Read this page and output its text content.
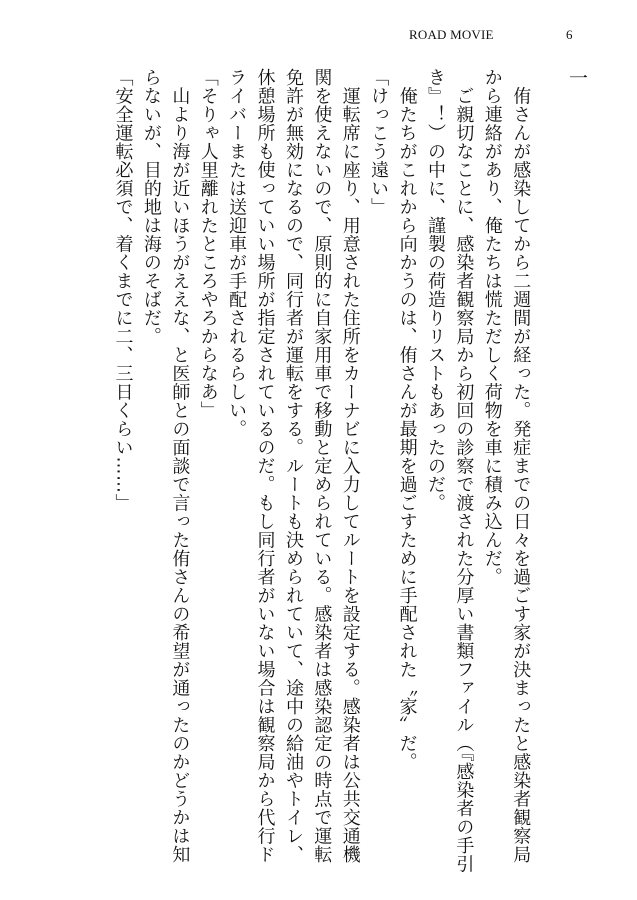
ROAD MOVIE	6

一

　侑さんが感染してから二週間が経った。発症までの日々を過ごす家が決まったと感染者観察局から連絡があり、俺たちは慌ただしく荷物を車に積み込んだ。

　ご親切なことに、感染者観察局から初回の診察で渡された分厚い書類ファイル（『感染者の手引き』！）の中に、謹製の荷造りリストもあったのだ。

　俺たちがこれから向かうのは、侑さんが最期を過ごすために手配された〝家〟だ。

「けっこう遠い」

　運転席に座り、用意された住所をカーナビに入力してルートを設定する。感染者は公共交通機関を使えないので、原則的に自家用車で移動と定められている。感染者は感染認定の時点で運転免許が無効になるので、同行者が運転をする。ルートも決められていて、途中の給油やトイレ、休憩場所も使っていい場所が指定されているのだ。もし同行者がいない場合は観察局から代行ドライバーまたは送迎車が手配されるらしい。

「そりゃ人里離れたところやろからなあ」

　山より海が近いほうがええな、と医師との面談で言った侑さんの希望が通ったのかどうかは知らないが、目的地は海のそばだ。

「安全運転必須で、着くまでに二、三日くらい……」
